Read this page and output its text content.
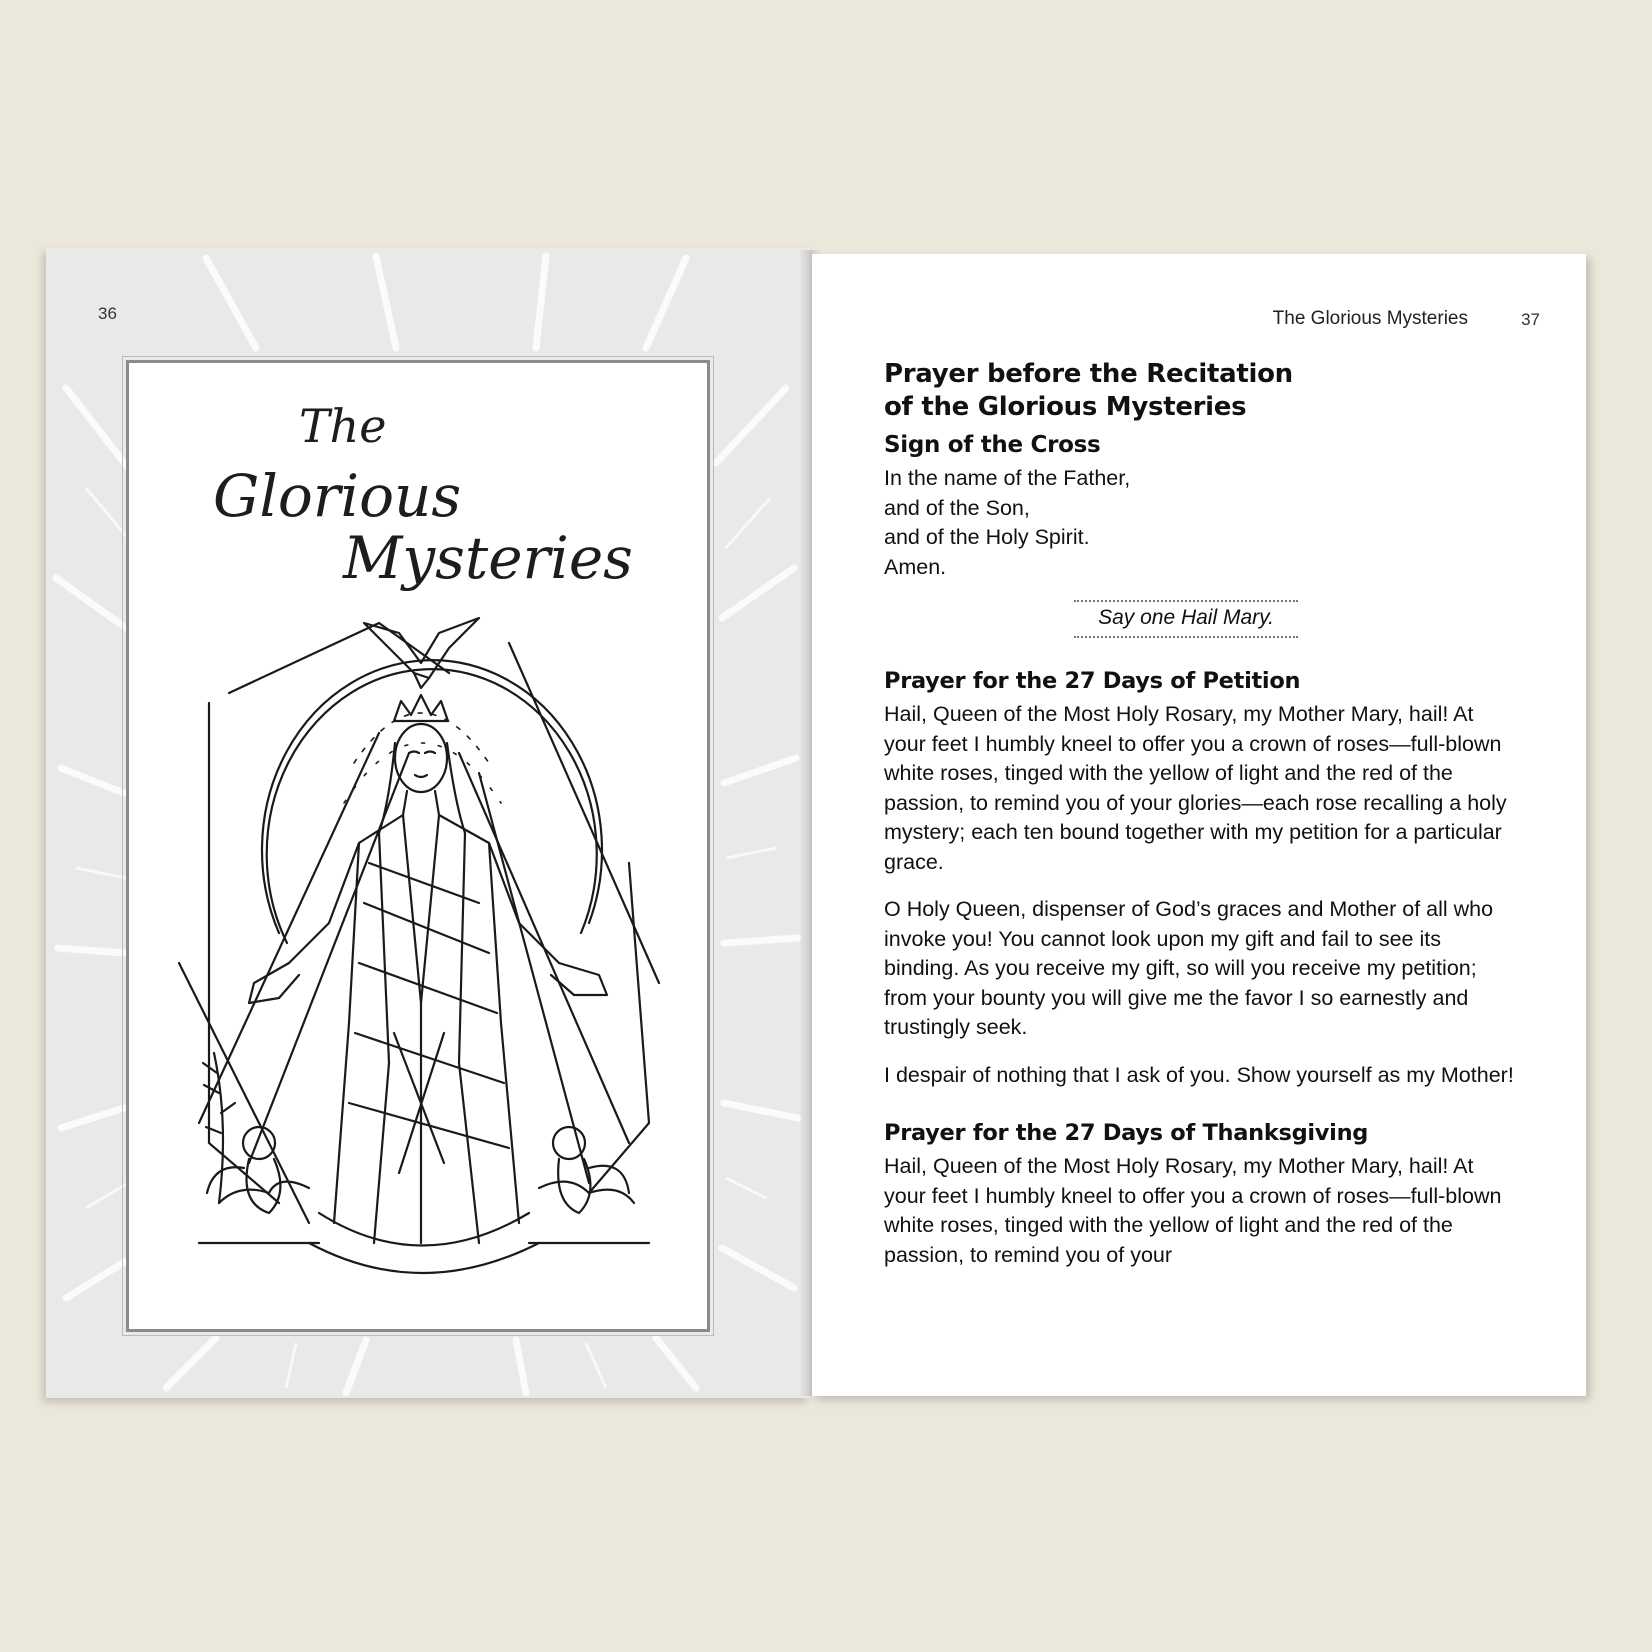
36
The
Glorious
Mysteries
The Glorious Mysteries	37
Prayer before the Recitation
of the Glorious Mysteries
Sign of the Cross
In the name of the Father,
and of the Son,
and of the Holy Spirit.
Amen.
Say one Hail Mary.
Prayer for the 27 Days of Petition

Hail, Queen of the Most Holy Rosary, my Mother Mary, hail! At your feet I humbly kneel to offer you a crown of roses—full-blown white roses, tinged with the yellow of light and the red of the passion, to remind you of your glories—each rose recalling a holy mystery; each ten bound together with my petition for a particular grace.

O Holy Queen, dispenser of God’s graces and Mother of all who invoke you! You cannot look upon my gift and fail to see its binding. As you receive my gift, so will you receive my petition; from your bounty you will give me the favor I so earnestly and trustingly seek.

I despair of nothing that I ask of you. Show yourself as my Mother!

Prayer for the 27 Days of Thanksgiving

Hail, Queen of the Most Holy Rosary, my Mother Mary, hail! At your feet I humbly kneel to offer you a crown of roses—full-blown white roses, tinged with the yellow of light and the red of the passion, to remind you of your
